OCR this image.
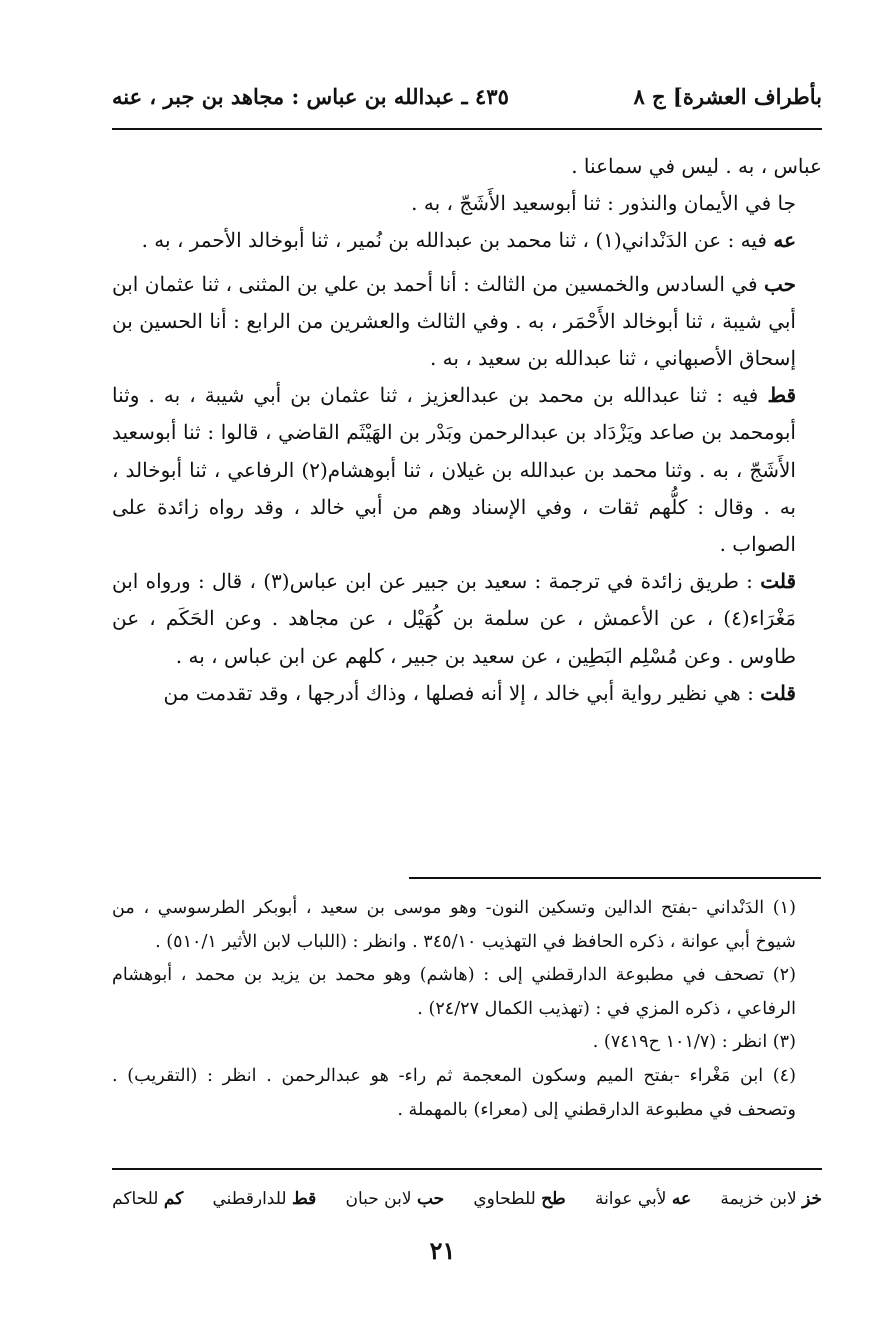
بأطراف العشرة] ج ٨
٤٣٥ ـ عبدالله بن عباس : مجاهد بن جبر ، عنه

عباس ، به . ليس في سماعنا .

جا في الأيمان والنذور : ثنا أبوسعيد الأَشَجّ ، به .

عه فيه : عن الدَنْداني(١) ، ثنا محمد بن عبدالله بن نُمير ، ثنا أبوخالد الأحمر ، به .

حب في السادس والخمسين من الثالث : أنا أحمد بن علي بن المثنى ، ثنا عثمان ابن أبي شيبة ، ثنا أبوخالد الأَحْمَر ، به . وفي الثالث والعشرين من الرابع : أنا الحسين بن إسحاق الأصبهاني ، ثنا عبدالله بن سعيد ، به .

قط فيه : ثنا عبدالله بن محمد بن عبدالعزيز ، ثنا عثمان بن أبي شيبة ، به . وثنا أبومحمد بن صاعد ويَزْدَاد بن عبدالرحمن وبَدْر بن الهَيْثَم القاضي ، قالوا : ثنا أبوسعيد الأَشَجّ ، به . وثنا محمد بن عبدالله بن غيلان ، ثنا أبوهشام(٢) الرفاعي ، ثنا أبوخالد ، به . وقال : كلُّهم ثقات ، وفي الإسناد وهم من أبي خالد ، وقد رواه زائدة على الصواب .

قلت : طريق زائدة في ترجمة : سعيد بن جبير عن ابن عباس(٣) ، قال : ورواه ابن مَغْرَاء(٤) ، عن الأعمش ، عن سلمة بن كُهَيْل ، عن مجاهد . وعن الحَكَم ، عن طاوس . وعن مُسْلِم البَطِين ، عن سعيد بن جبير ، كلهم عن ابن عباس ، به .

قلت : هي نظير رواية أبي خالد ، إلا أنه فصلها ، وذاك أدرجها ، وقد تقدمت من

(١) الدَنْداني -بفتح الدالين وتسكين النون- وهو موسى بن سعيد ، أبوبكر الطرسوسي ، من شيوخ أبي عوانة ، ذكره الحافظ في التهذيب ٣٤٥/١٠ . وانظر : (اللباب لابن الأثير ٥١٠/١) .

(٢) تصحف في مطبوعة الدارقطني إلى : (هاشم) وهو محمد بن يزيد بن محمد ، أبوهشام الرفاعي ، ذكره المزي في : (تهذيب الكمال ٢٤/٢٧) .

(٣) انظر : (١٠١/٧ ح٧٤١٩) .

(٤) ابن مَغْراء -بفتح الميم وسكون المعجمة ثم راء- هو عبدالرحمن . انظر : (التقريب) . وتصحف في مطبوعة الدارقطني إلى (معراء) بالمهملة .

خز لابن خزيمة
عه لأبي عوانة
طح للطحاوي
حب لابن حبان
قط للدارقطني
كم للحاكم
٢١
